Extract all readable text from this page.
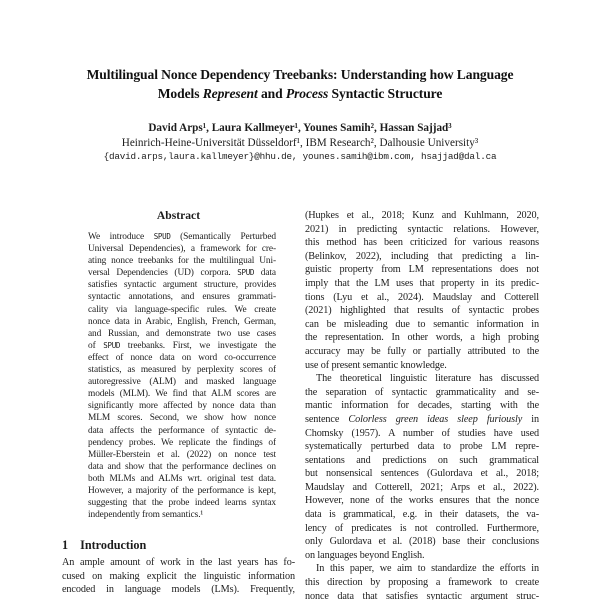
Multilingual Nonce Dependency Treebanks: Understanding how Language
Models Represent and Process Syntactic Structure
David Arps¹, Laura Kallmeyer¹, Younes Samih², Hassan Sajjad³
Heinrich-Heine-Universität Düsseldorf¹, IBM Research², Dalhousie University³
{david.arps,laura.kallmeyer}@hhu.de, younes.samih@ibm.com, hsajjad@dal.ca
Abstract
We introduce SPUD (Semantically Perturbed
Universal Dependencies), a framework for cre-
ating nonce treebanks for the multilingual Uni-
versal Dependencies (UD) corpora. SPUD data
satisfies syntactic argument structure, provides
syntactic annotations, and ensures grammati-
cality via language-specific rules. We create
nonce data in Arabic, English, French, German,
and Russian, and demonstrate two use cases
of SPUD treebanks. First, we investigate the
effect of nonce data on word co-occurrence
statistics, as measured by perplexity scores of
autoregressive (ALM) and masked language
models (MLM). We find that ALM scores are
significantly more affected by nonce data than
MLM scores. Second, we show how nonce
data affects the performance of syntactic de-
pendency probes. We replicate the findings of
Müller-Eberstein et al. (2022) on nonce test
data and show that the performance declines on
both MLMs and ALMs wrt. original test data.
However, a majority of the performance is kept,
suggesting that the probe indeed learns syntax
independently from semantics.¹
1 Introduction
An ample amount of work in the last years has fo-
cused on making explicit the linguistic information
encoded in language models (LMs). Frequently,
(Hupkes et al., 2018; Kunz and Kuhlmann, 2020,
2021) in predicting syntactic relations. However,
this method has been criticized for various reasons
(Belinkov, 2022), including that predicting a lin-
guistic property from LM representations does not
imply that the LM uses that property in its predic-
tions (Lyu et al., 2024). Maudslay and Cotterell
(2021) highlighted that results of syntactic probes
can be misleading due to semantic information in
the representation. In other words, a high probing
accuracy may be fully or partially attributed to the
use of present semantic knowledge.
The theoretical linguistic literature has discussed
the separation of syntactic grammaticality and se-
mantic information for decades, starting with the
sentence Colorless green ideas sleep furiously in
Chomsky (1957). A number of studies have used
systematically perturbed data to probe LM repre-
sentations and predictions on such grammatical
but nonsensical sentences (Gulordava et al., 2018;
Maudslay and Cotterell, 2021; Arps et al., 2022).
However, none of the works ensures that the nonce
data is grammatical, e.g. in their datasets, the va-
lency of predicates is not controlled. Furthermore,
only Gulordava et al. (2018) base their conclusions
on languages beyond English.
In this paper, we aim to standardize the efforts in
this direction by proposing a framework to create
nonce data that satisfies syntactic argument struc-
